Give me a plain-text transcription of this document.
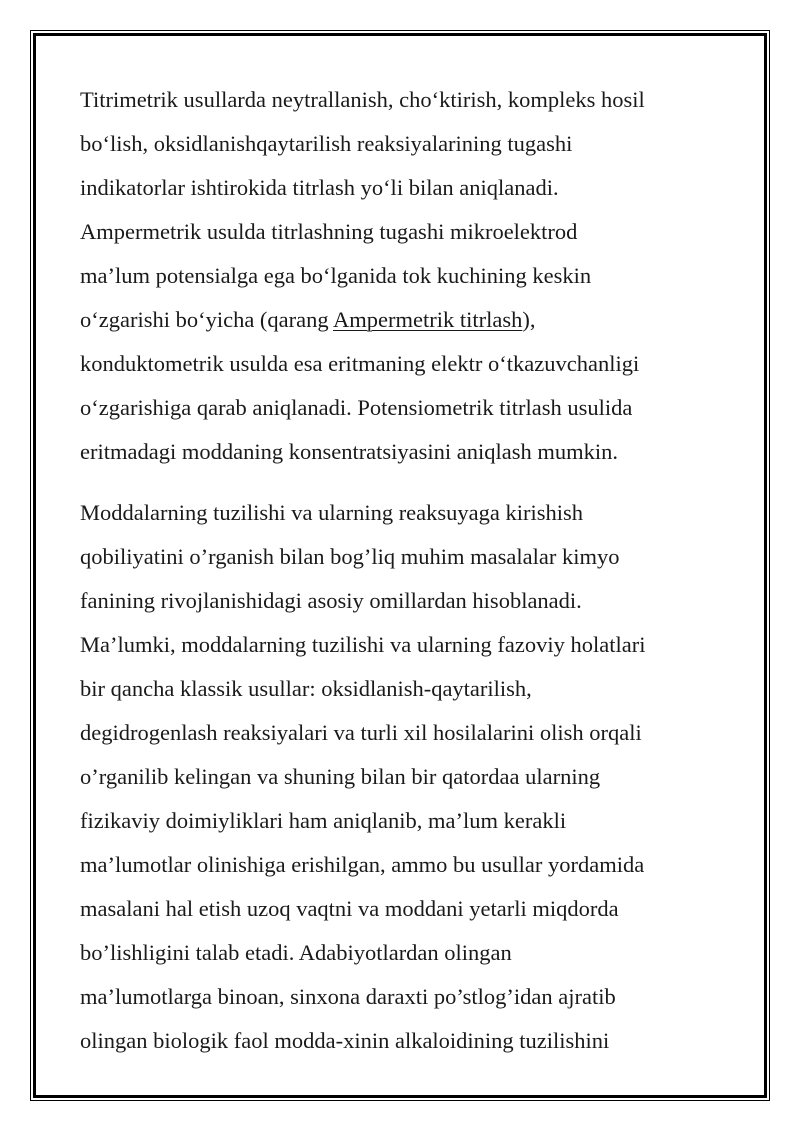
Titrimetrik usullarda neytrallanish, cho‘ktirish, kompleks hosil
bo‘lish, oksidlanishqaytarilish reaksiyalarining tugashi
indikatorlar ishtirokida titrlash yo‘li bilan aniqlanadi.
Ampermetrik usulda titrlashning tugashi mikroelektrod
ma’lum potensialga ega bo‘lganida tok kuchining keskin
o‘zgarishi bo‘yicha (qarang Ampermetrik titrlash),
konduktometrik usulda esa eritmaning elektr o‘tkazuvchanligi
o‘zgarishiga qarab aniqlanadi. Potensiometrik titrlash usulida
eritmadagi moddaning konsentratsiyasini aniqlash mumkin.
Moddalarning tuzilishi va ularning reaksuyaga kirishish
qobiliyatini o’rganish bilan bog’liq muhim masalalar kimyo
fanining rivojlanishidagi asosiy omillardan hisoblanadi.
Ma’lumki, moddalarning tuzilishi va ularning fazoviy holatlari
bir qancha klassik usullar: oksidlanish-qaytarilish,
degidrogenlash reaksiyalari va turli xil hosilalarini olish orqali
o’rganilib kelingan va shuning bilan bir qatordaa ularning
fizikaviy doimiyliklari ham aniqlanib, ma’lum kerakli
ma’lumotlar olinishiga erishilgan, ammo bu usullar yordamida
masalani hal etish uzoq vaqtni va moddani yetarli miqdorda
bo’lishligini talab etadi. Adabiyotlardan olingan
ma’lumotlarga binoan, sinxona daraxti po’stlog’idan ajratib
olingan biologik faol modda-xinin alkaloidining tuzilishini
